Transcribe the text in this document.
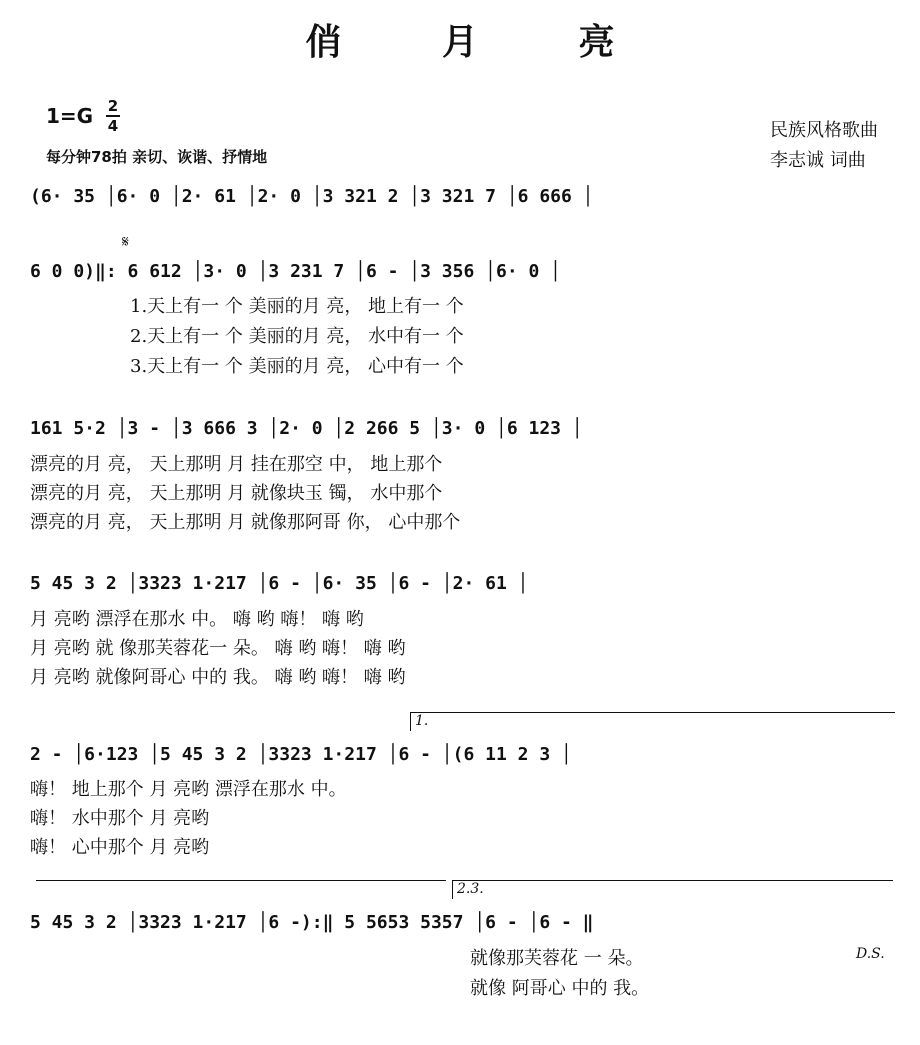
俏 月 亮
1=G 2
4
每分钟78拍 亲切、诙谐、抒情地
民族风格歌曲
李志诚 词曲
(6· 35 │6· 0 │2· 61 │2· 0 │3 321 2 │3 321 7 │6 666 │
𝄋
6 0 0)‖: 6 612 │3· 0 │3 231 7 │6 - │3 356 │6· 0 │
1.天上有一 个 美丽的月 亮， 地上有一 个
2.天上有一 个 美丽的月 亮， 水中有一 个
3.天上有一 个 美丽的月 亮， 心中有一 个
161 5·2 │3 - │3 666 3 │2· 0 │2 266 5 │3· 0 │6 123 │
漂亮的月 亮， 天上那明 月 挂在那空 中， 地上那个
漂亮的月 亮， 天上那明 月 就像块玉 镯， 水中那个
漂亮的月 亮， 天上那明 月 就像那阿哥 你， 心中那个
5 45 3 2 │3323 1·217 │6 - │6· 35 │6 - │2· 61 │
月 亮哟 漂浮在那水 中。 嗨 哟 嗨！ 嗨 哟
月 亮哟 就 像那芙蓉花一 朵。 嗨 哟 嗨！ 嗨 哟
月 亮哟 就像阿哥心 中的 我。 嗨 哟 嗨！ 嗨 哟
1.
2 - │6·123 │5 45 3 2 │3323 1·217 │6 - │(6 11 2 3 │
嗨！ 地上那个 月 亮哟 漂浮在那水 中。
嗨！ 水中那个 月 亮哟
嗨！ 心中那个 月 亮哟
2.3.
5 45 3 2 │3323 1·217 │6 -):‖ 5 5653 5357 │6 - │6 - ‖
就像那芙蓉花 一 朵。
就像 阿哥心 中的 我。
D.S.
